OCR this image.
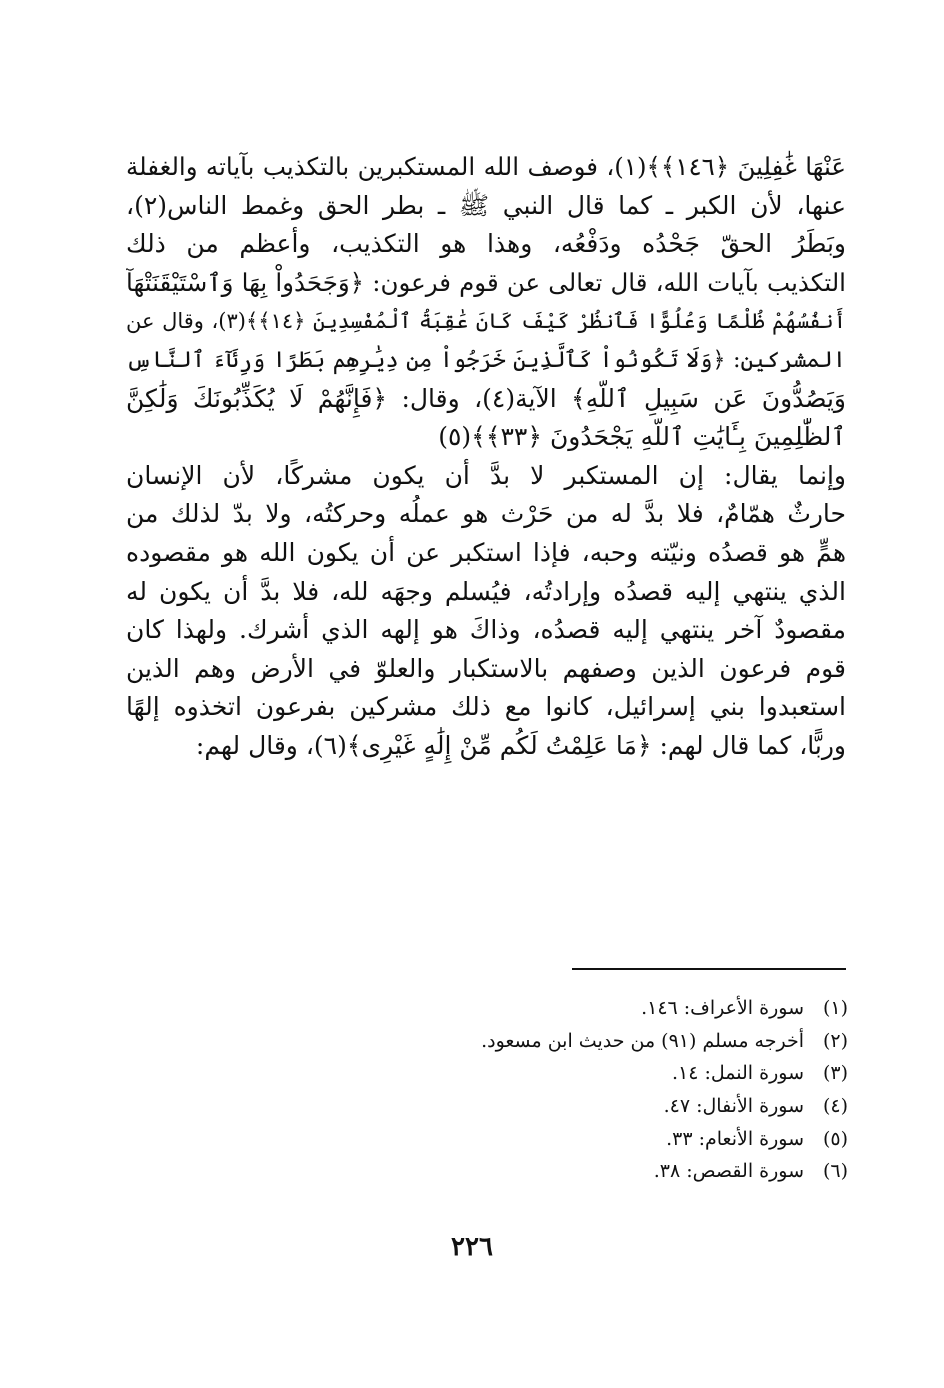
عَنْهَا غَٰفِلِينَ ﴿١٤٦﴾﴾(١)، فوصف الله المستكبرين بالتكذيب بآياته والغفلة
عنها، لأن الكبر ـ كما قال النبي ﷺ ـ بطر الحق وغمط الناس(٢)،
وبَطَرُ الحقّ جَحْدُه ودَفْعُه، وهذا هو التكذيب، وأعظم من ذلك
التكذيب بآيات الله، قال تعالى عن قوم فرعون: ﴿وَجَحَدُواْ بِهَا وَٱسْتَيْقَنَتْهَآ
أَنفُسُهُمْ ظُلْمًا وَعُلُوًّا فَٱنظُرْ كَيْفَ كَانَ عَٰقِبَةُ ٱلْمُفْسِدِينَ ﴿١٤﴾﴾(٣)، وقال عن
المشركين: ﴿وَلَا تَكُونُواْ كَٱلَّذِينَ خَرَجُواْ مِن دِيَٰرِهِم بَطَرًا وَرِئَآءَ ٱلنَّاسِ
وَيَصُدُّونَ عَن سَبِيلِ ٱللَّهِ﴾ الآية(٤)، وقال: ﴿فَإِنَّهُمْ لَا يُكَذِّبُونَكَ وَلَٰكِنَّ
ٱلظَّٰلِمِينَ بِـَٔايَٰتِ ٱللَّهِ يَجْحَدُونَ ﴿٣٣﴾﴾(٥)
وإنما يقال: إن المستكبر لا بدَّ أن يكون مشركًا، لأن الإنسان
حارثٌ همّامٌ، فلا بدَّ له من حَرْث هو عملُه وحركتُه، ولا بدّ لذلك من
همٍّ هو قصدُه ونيّته وحبه، فإذا استكبر عن أن يكون الله هو مقصوده
الذي ينتهي إليه قصدُه وإرادتُه، فيُسلم وجهَه لله، فلا بدَّ أن يكون له
مقصودٌ آخر ينتهي إليه قصدُه، وذاكَ هو إلهه الذي أشرك. ولهذا كان
قوم فرعون الذين وصفهم بالاستكبار والعلوّ في الأرض وهم الذين
استعبدوا بني إسرائيل، كانوا مع ذلك مشركين بفرعون اتخذوه إلهًا
وربًّا، كما قال لهم: ﴿مَا عَلِمْتُ لَكُم مِّنْ إِلَٰهٍ غَيْرِى﴾(٦)، وقال لهم:
(١)
سورة الأعراف: ١٤٦.
(٢)
أخرجه مسلم (٩١) من حديث ابن مسعود.
(٣)
سورة النمل: ١٤.
(٤)
سورة الأنفال: ٤٧.
(٥)
سورة الأنعام: ٣٣.
(٦)
سورة القصص: ٣٨.
٢٢٦
